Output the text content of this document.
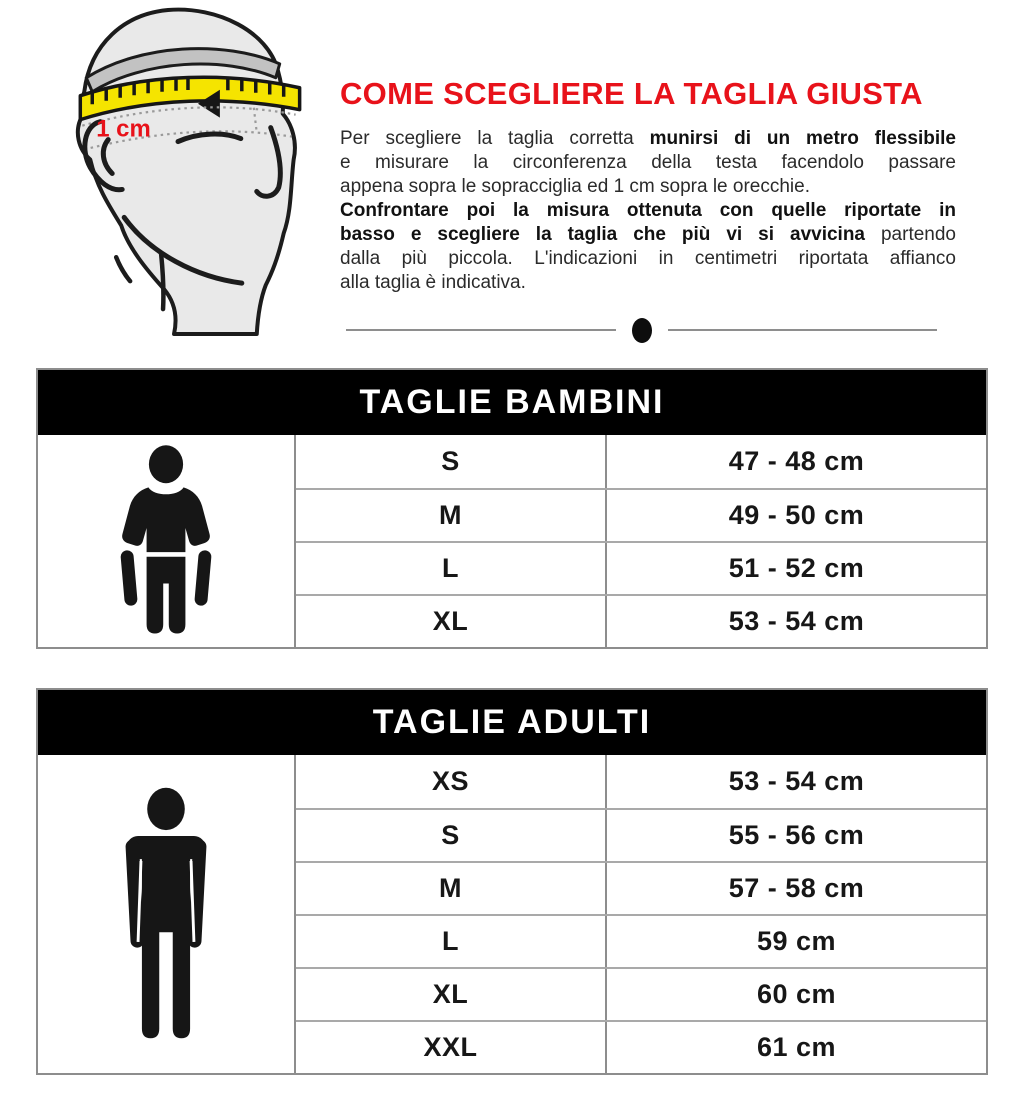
1 cm
COME SCEGLIERE LA TAGLIA GIUSTA
Per scegliere la taglia corretta munirsi di un metro flessibile
e misurare la circonferenza della testa facendolo passare
appena sopra le sopracciglia ed 1 cm sopra le orecchie.
Confrontare poi la misura ottenuta con quelle riportate in
basso e scegliere la taglia che più vi si avvicina partendo
dalla più piccola. L'indicazioni in centimetri riportata affianco
alla taglia è indicativa.
TAGLIE BAMBINI
S	47 - 48 cm
M	49 - 50 cm
L	51 - 52 cm
XL	53 - 54 cm
TAGLIE ADULTI
XS	53 - 54 cm
S	55 - 56 cm
M	57 - 58 cm
L	59 cm
XL	60 cm
XXL	61 cm
